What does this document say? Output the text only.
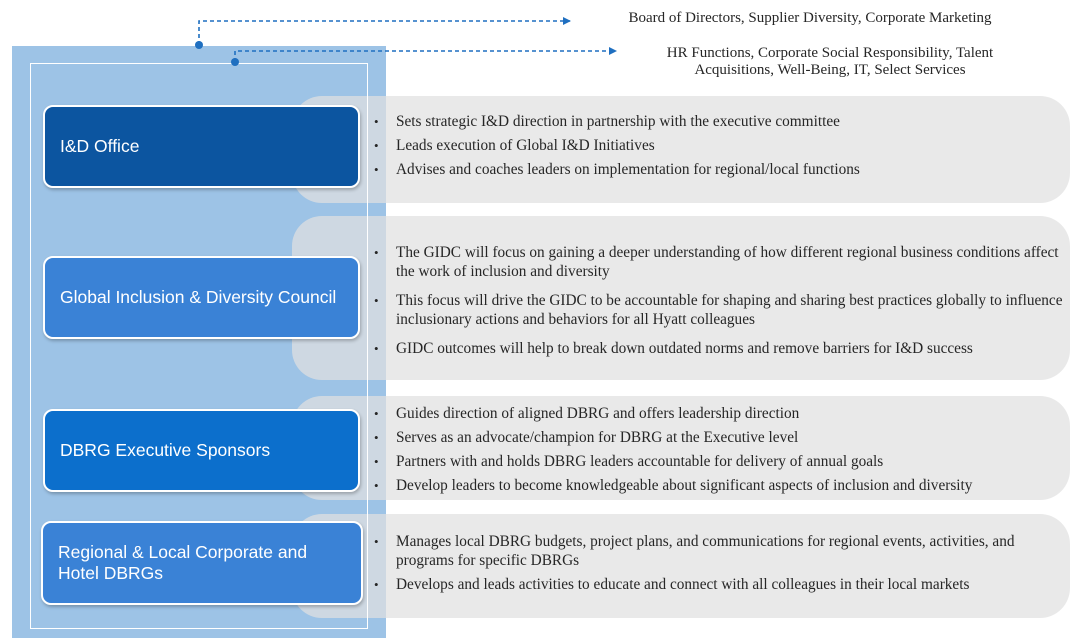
I&D Office
• Sets strategic I&D direction in partnership with the executive committee
• Leads execution of Global I&D Initiatives
• Advises and coaches leaders on implementation for regional/local functions
Global Inclusion & Diversity Council
• The GIDC will focus on gaining a deeper understanding of how different regional business conditions affect the work of inclusion and diversity
• This focus will drive the GIDC to be accountable for shaping and sharing best practices globally to influence inclusionary actions and behaviors for all Hyatt colleagues
• GIDC outcomes will help to break down outdated norms and remove barriers for I&D success
DBRG Executive Sponsors
• Guides direction of aligned DBRG and offers leadership direction
• Serves as an advocate/champion for DBRG at the Executive level
• Partners with and holds DBRG leaders accountable for delivery of annual goals
• Develop leaders to become knowledgeable about significant aspects of inclusion and diversity
Regional & Local Corporate and Hotel DBRGs
• Manages local DBRG budgets, project plans, and communications for regional events, activities, and programs for specific DBRGs
• Develops and leads activities to educate and connect with all colleagues in their local markets
Board of Directors, Supplier Diversity, Corporate Marketing
HR Functions, Corporate Social Responsibility, Talent Acquisitions, Well-Being, IT, Select Services
